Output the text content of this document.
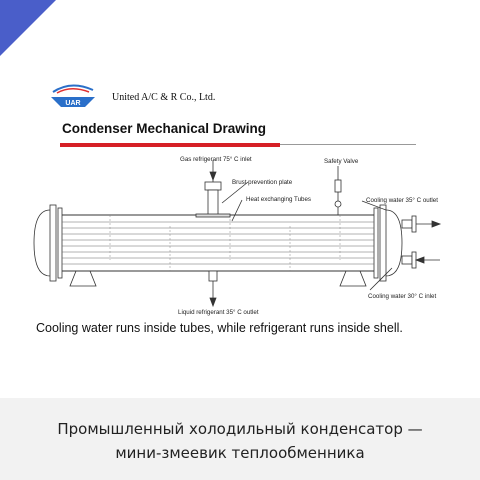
UAR
United A/C & R Co., Ltd.
Condenser Mechanical Drawing
Gas refrigerant 75° C inlet	Safety Valve
Brust prevention plate
Heat exchanging Tubes	Cooling water 35° C outlet
Cooling water 30° C inlet
Liquid refrigerant 35° C outlet
Cooling water runs inside tubes, while refrigerant runs inside shell.
Промышленный холодильный конденсатор —
мини-змеевик теплообменника
